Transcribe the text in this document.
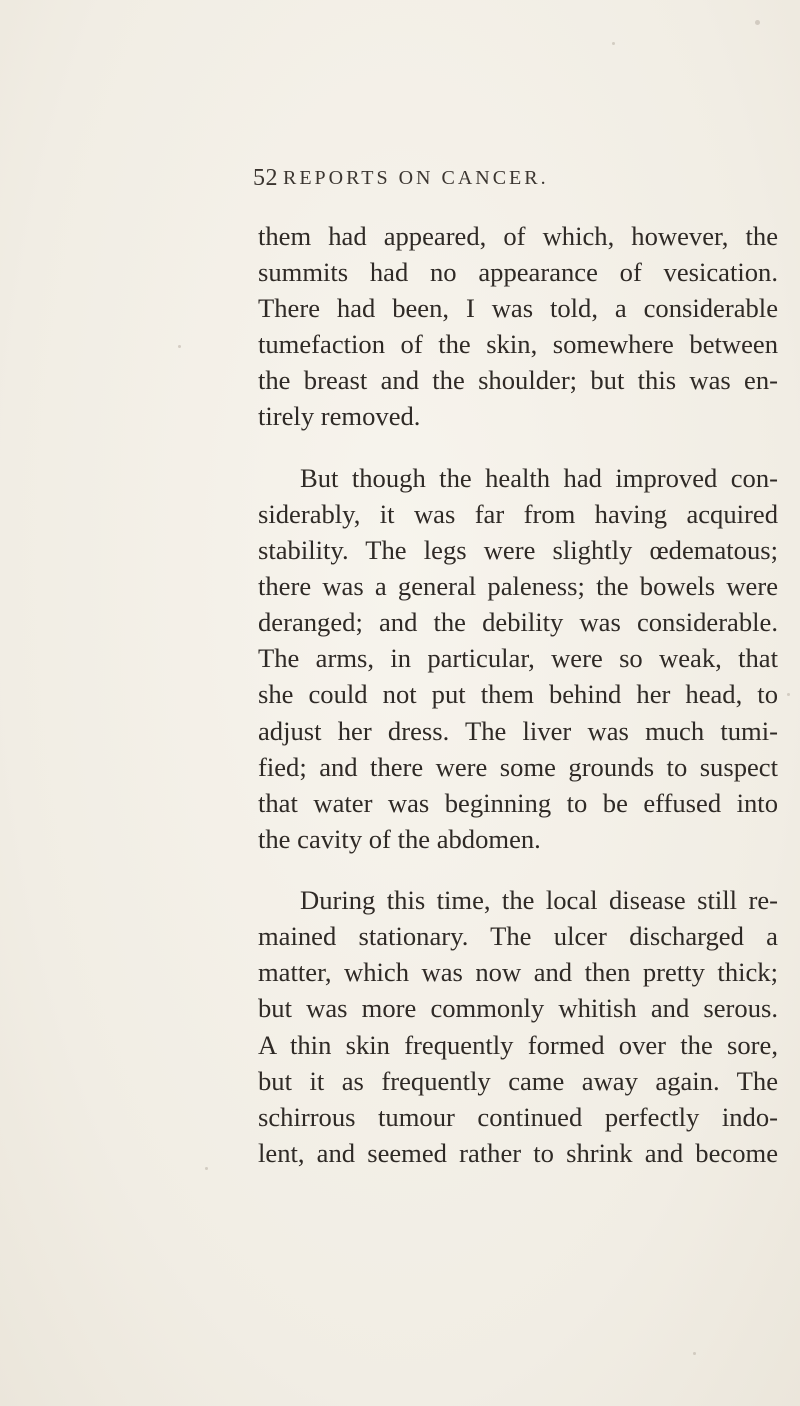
52 REPORTS ON CANCER.

them had appeared, of which, however, the
summits had no appearance of vesication.
There had been, I was told, a considerable
tumefaction of the skin, somewhere between
the breast and the shoulder; but this was en-
tirely removed.

But though the health had improved con-
siderably, it was far from having acquired
stability. The legs were slightly œdematous;
there was a general paleness; the bowels were
deranged; and the debility was considerable.
The arms, in particular, were so weak, that
she could not put them behind her head, to
adjust her dress. The liver was much tumi-
fied; and there were some grounds to suspect
that water was beginning to be effused into
the cavity of the abdomen.

During this time, the local disease still re-
mained stationary. The ulcer discharged a
matter, which was now and then pretty thick;
but was more commonly whitish and serous.
A thin skin frequently formed over the sore,
but it as frequently came away again. The
schirrous tumour continued perfectly indo-
lent, and seemed rather to shrink and become
